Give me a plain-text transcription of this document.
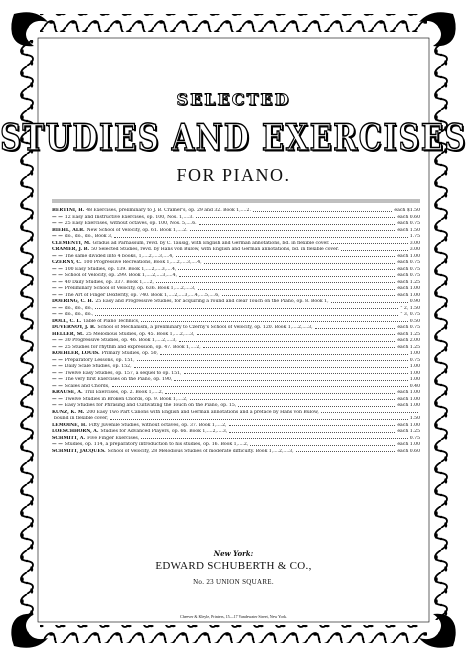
SELECTED
STUDIES AND EXERCISES
FOR PIANO.
BERTINI, H. 48 Exercises, preliminary to J. B. Cramer's, op. 29 and 32. Book 1,....2.	each $1.50
— — 12 Easy and Instructive Exercises, op. 100, Nos. 1,....3.	each 0.60
— — 25 Easy Exercises, without octaves, op. 100, Nos. 5,....6.	each 0.75
BIEHL, ALB. New School of Velocity, op. 61. Book 1,....2.	each 1.50
— — do., do., do., Book 3,	1.75
CLEMENTI, M. Gradus ad Parnassum, revd. by C. Tausig, with English and German annotations, bd. in flexible cover.	3.00
CRAMER, J. B. 50 Selected Studies, revd. by Hans von Bülow, with English and German annotations, bd. in flexible cover.	3.00
— — The same divided into 4 books, 1,....2,....3,....4,	each 1.00
CZERNY, C. 100 Progressive Recreations, Book 1,....2,....3,....4,	each 0.75
— — 100 Easy Studies, op. 139. Book 1,....2,....3,....4,	each 0.75
— — School of Velocity, op. 299. Book 1,....2,....3,....4,	each 0.75
— — 40 Daily Studies, op. 337. Book 1,....2,	each 1.25
— — Preliminary School of Velocity, op. 636. Book 1,....2,....3,	each 1.00
— — The Art of Finger Dexterity, op. 740. Book 1,....2,....3,....4,....5,....6,	each 1.00
DOERING, C. H. 25 Easy and Progressive Studies, for acquiring a round and clear Touch on the Piano, op. 8. Book 1,	0.90
— — do., do., do.,	" 2, 1.50
— — do., do., do.,	" 3, 0.75
DOLL, C. L. Table of Piano Technics,	0.50
DUVERNOY, J. B. School of Mechanism, a preliminary to Czerny's School of Velocity, op. 120. Book 1,....2,....3,	each 0.75
HELLER, St. 25 Melodious Studies, op. 45. Book 1,....2,....3,	each 1.25
— — 30 Progressive Studies, op. 46. Book 1,....2,....3,	each 2.00
— — 25 Studies for rhythm and expression, op. 47. Book 1,....2,	each 1.25
KOEHLER, LOUIS. Primary Studies, op. 50,	1.00
— — Preparatory Lessons, op. 151,	0.75
— — Daily Scale Studies, op. 152,	1.00
— — Twelve Easy Studies, op. 157, a sequel to op. 151,	1.00
— — The very first Exercises on the Piano, op. 190,	1.00
— — Scales and Chords,	0.40
KRAUSE, A. Trill Exercises, op. 2. Book 1,....2,	each 1.00
— — Twelve Studies in Broken Chords, op. 9. Book 1,....2,	each 1.00
— — Easy Studies for Phrasing and Cultivating the Touch on the Piano, op. 15,	each 1.00
KUNZ, K. M. 200 Easy Two Part Canons with English and German annotations and a preface by Hans von Bülow,
bound in flexible cover,	1.50
LEMOINE, H. Fifty Juvenile Studies, without octaves, op. 37. Book 1,....2,	each 1.00
LOESCHHORN, A. Studies for Advanced Players, op. 66. Book 1,....2,....3,	each 1.25
SCHMITT, A. Five Finger Exercises,	0.75
— — Studies, op. 114, a preparatory introduction to his studies, op. 16. Book 1,....2,	each 1.00
SCHMITT, JACQUES. School of Velocity, 28 Melodious Studies of moderate difficulty. Book 1,....2,....3,	each 0.60
New York:
EDWARD SCHUBERTH & CO.,
No. 23 UNION SQUARE.
Cheever & Kleyle, Printers, 15—17 Vandewater Street, New York.
